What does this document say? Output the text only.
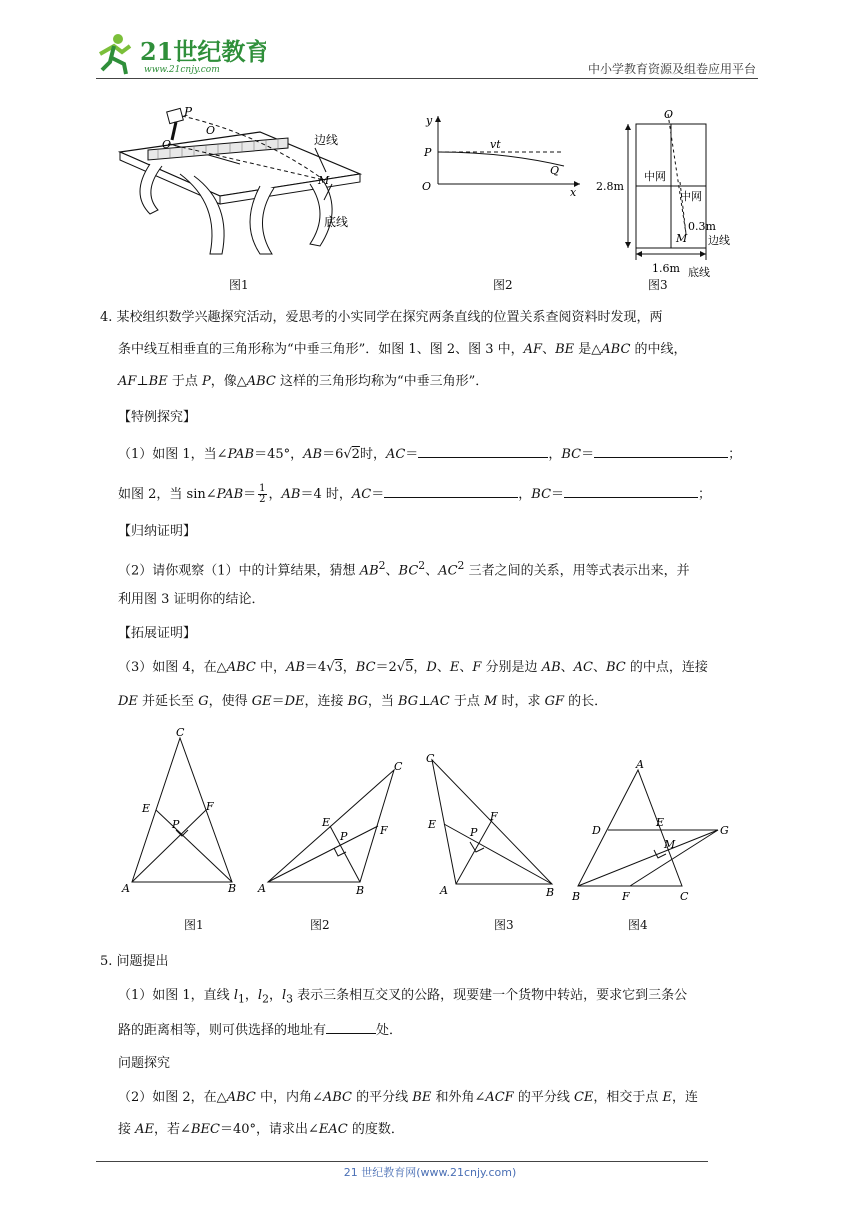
21世纪教育
www.21cnjy.com	中小学教育资源及组卷应用平台
P
O
O	边线
M
底线
图1
y
P
vt
Q
O	x
图2
O
2.8m
中网
中网
0.3m
M 边线
1.6m 底线
图3
4. 某校组织数学兴趣探究活动，爱思考的小实同学在探究两条直线的位置关系查阅资料时发现，两
条中线互相垂直的三角形称为“中垂三角形”．如图 1、图 2、图 3 中，AF、BE 是△ABC 的中线，
AF⊥BE 于点 P，像△ABC 这样的三角形均称为“中垂三角形”．
【特例探究】
（1）如图 1，当∠PAB＝45°，AB＝6√2时，AC＝	，BC＝	；
如图 2，当 sin∠PAB＝ $\frac{1}{2}$ ，AB＝4 时，AC＝	，BC＝	；
【归纳证明】
（2）请你观察（1）中的计算结果，猜想 $AB^2$、$BC^2$、$AC^2$ 三者之间的关系，用等式表示出来，并
利用图 3 证明你的结论．
【拓展证明】
（3）如图 4，在△ABC 中，AB＝4√3，BC＝2√5，D、E、F 分别是边 AB、AC、BC 的中点，连接
DE 并延长至 G，使得 GE＝DE，连接 BG，当 BG⊥AC 于点 M 时，求 GF 的长．
C
E	F
P
A	B
图1
C
E
F
P
A	B
图2
C
E
F
P
A	B
图3
A
D
E
G
M
F
B	C
图4
5. 问题提出
（1）如图 1，直线 $l_1$，$l_2$，$l_3$ 表示三条相互交叉的公路，现要建一个货物中转站，要求它到三条公
路的距离相等，则可供选择的地址有	处．
问题探究
（2）如图 2，在△ABC 中，内角∠ABC 的平分线 BE 和外角∠ACF 的平分线 CE，相交于点 E，连
接 AE，若∠BEC＝40°，请求出∠EAC 的度数．
21 世纪教育网(www.21cnjy.com)
